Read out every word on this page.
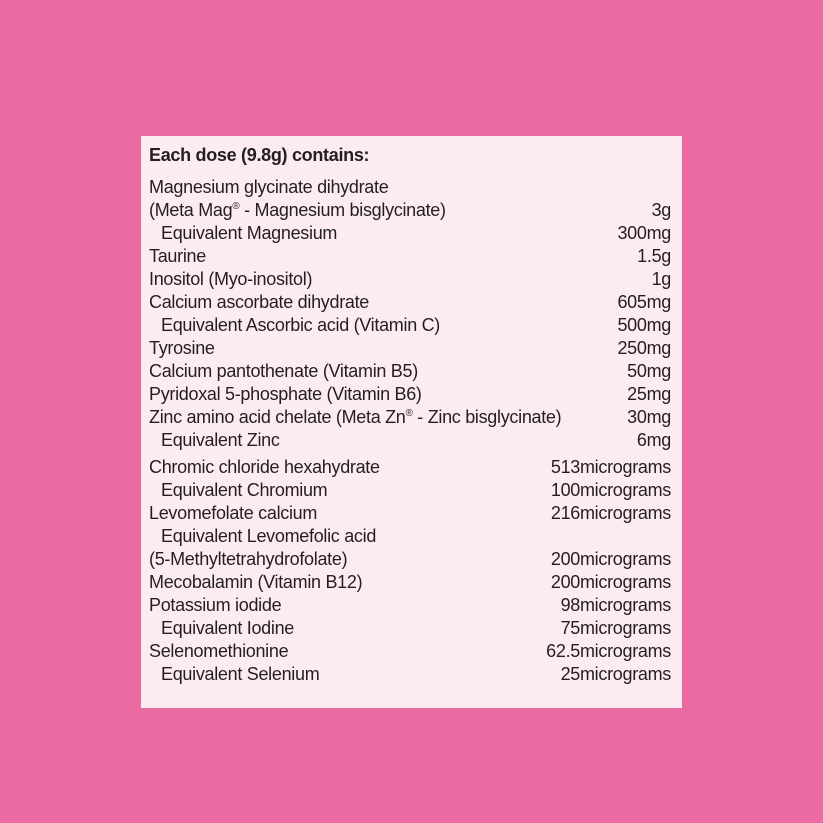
Each dose (9.8g) contains:
Magnesium glycinate dihydrate
(Meta Mag® - Magnesium bisglycinate)	3g
Equivalent Magnesium	300mg
Taurine	1.5g
Inositol (Myo-inositol)	1g
Calcium ascorbate dihydrate	605mg
Equivalent Ascorbic acid (Vitamin C)	500mg
Tyrosine	250mg
Calcium pantothenate (Vitamin B5)	50mg
Pyridoxal 5-phosphate (Vitamin B6)	25mg
Zinc amino acid chelate (Meta Zn® - Zinc bisglycinate)	30mg
Equivalent Zinc	6mg
Chromic chloride hexahydrate	513micrograms
Equivalent Chromium	100micrograms
Levomefolate calcium	216micrograms
Equivalent Levomefolic acid
(5-Methyltetrahydrofolate)	200micrograms
Mecobalamin (Vitamin B12)	200micrograms
Potassium iodide	98micrograms
Equivalent Iodine	75micrograms
Selenomethionine	62.5micrograms
Equivalent Selenium	25micrograms
